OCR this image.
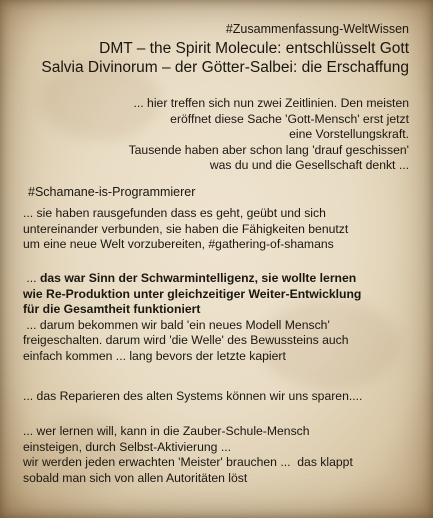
#Zusammenfassung-WeltWissen
DMT – the Spirit Molecule: entschlüsselt Gott
Salvia Divinorum – der Götter-Salbei: die Erschaffung
... hier treffen sich nun zwei Zeitlinien. Den meisten
eröffnet diese Sache 'Gott-Mensch' erst jetzt
eine Vorstellungskraft.
Tausende haben aber schon lang 'drauf geschissen'
was du und die Gesellschaft denkt ...
#Schamane-is-Programmierer
... sie haben rausgefunden dass es geht, geübt und sich
untereinander verbunden, sie haben die Fähigkeiten benutzt
um eine neue Welt vorzubereiten, #gathering-of-shamans
... das war Sinn der Schwarmintelligenz, sie wollte lernen
wie Re-Produktion unter gleichzeitiger Weiter-Entwicklung
für die Gesamtheit funktioniert
... darum bekommen wir bald 'ein neues Modell Mensch'
freigeschalten. darum wird 'die Welle' des Bewussteins auch
einfach kommen ... lang bevors der letzte kapiert
... das Reparieren des alten Systems können wir uns sparen....
... wer lernen will, kann in die Zauber-Schule-Mensch
einsteigen, durch Selbst-Aktivierung ...
wir werden jeden erwachten 'Meister' brauchen ...  das klappt
sobald man sich von allen Autoritäten löst
